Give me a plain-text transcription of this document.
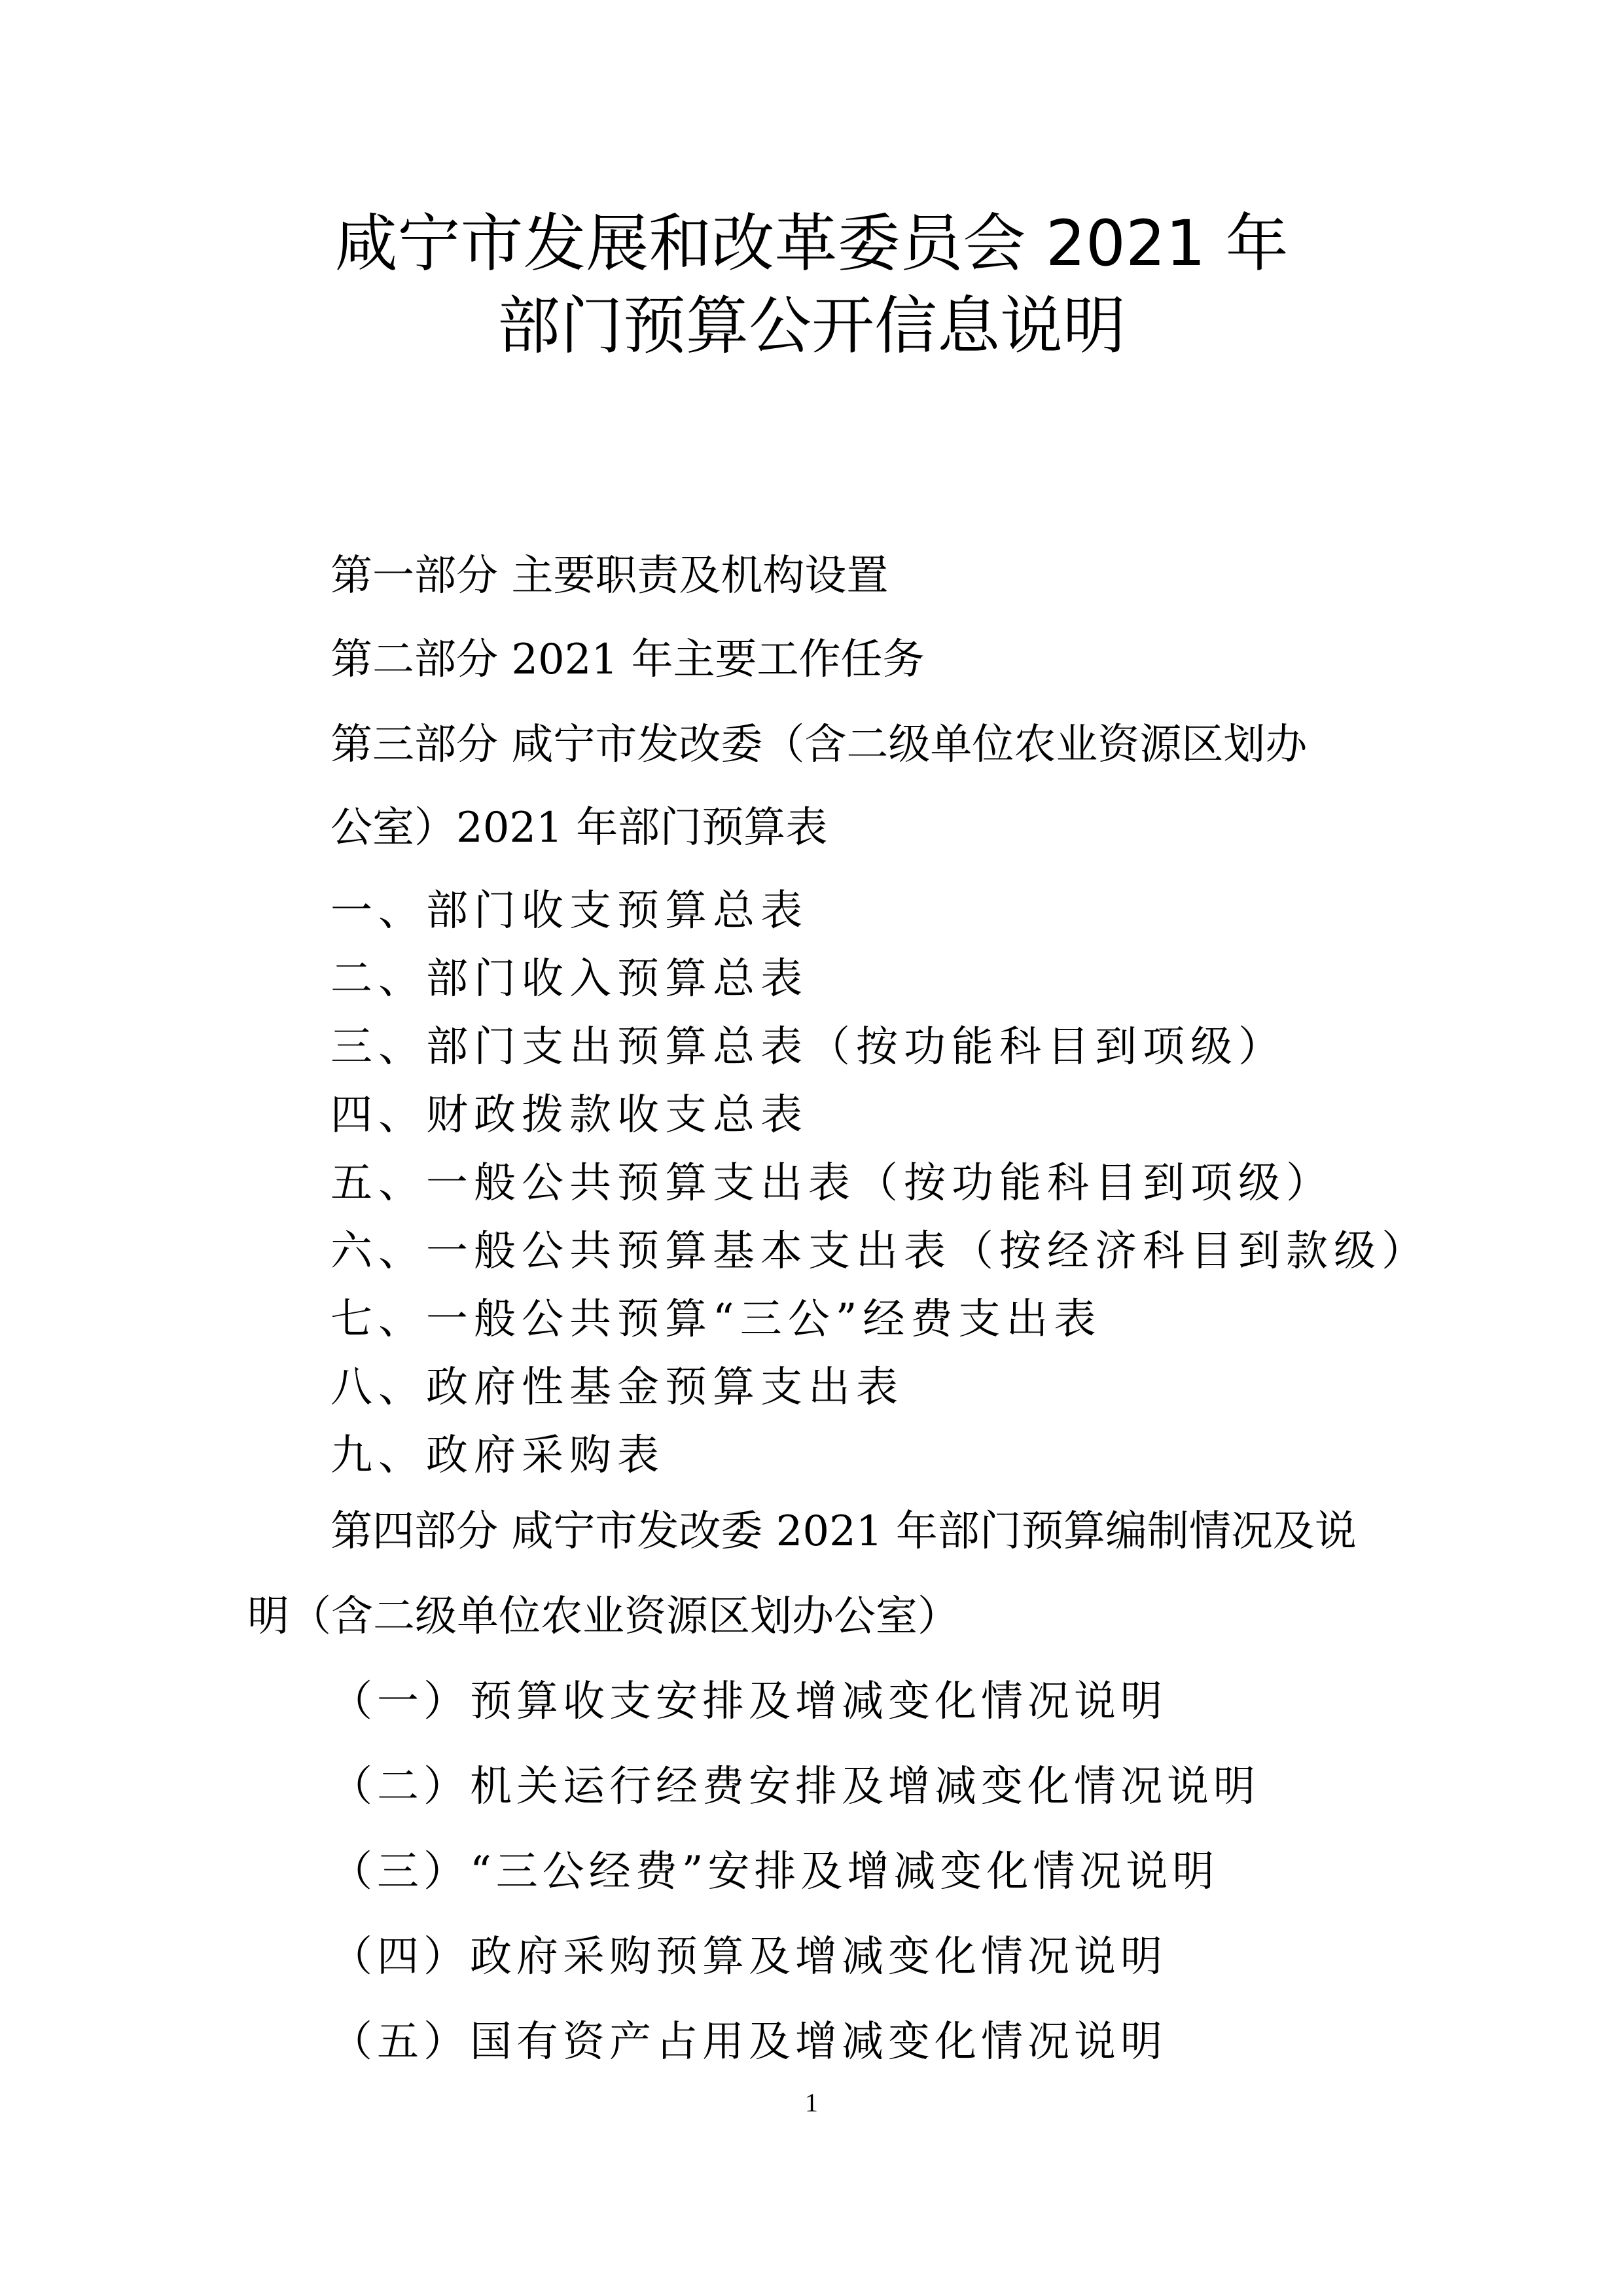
咸宁市发展和改革委员会 2021 年
部门预算公开信息说明

第一部分 主要职责及机构设置

第二部分 2021 年主要工作任务

第三部分 咸宁市发改委（含二级单位农业资源区划办

公室）2021 年部门预算表

一、部门收支预算总表

二、部门收入预算总表

三、部门支出预算总表（按功能科目到项级）

四、财政拨款收支总表

五、一般公共预算支出表（按功能科目到项级）

六、一般公共预算基本支出表（按经济科目到款级）

七、一般公共预算“三公”经费支出表

八、政府性基金预算支出表

九、政府采购表

第四部分 咸宁市发改委 2021 年部门预算编制情况及说

明（含二级单位农业资源区划办公室）

（一）预算收支安排及增减变化情况说明

（二）机关运行经费安排及增减变化情况说明

（三）“三公经费”安排及增减变化情况说明

（四）政府采购预算及增减变化情况说明

（五）国有资产占用及增减变化情况说明

1
